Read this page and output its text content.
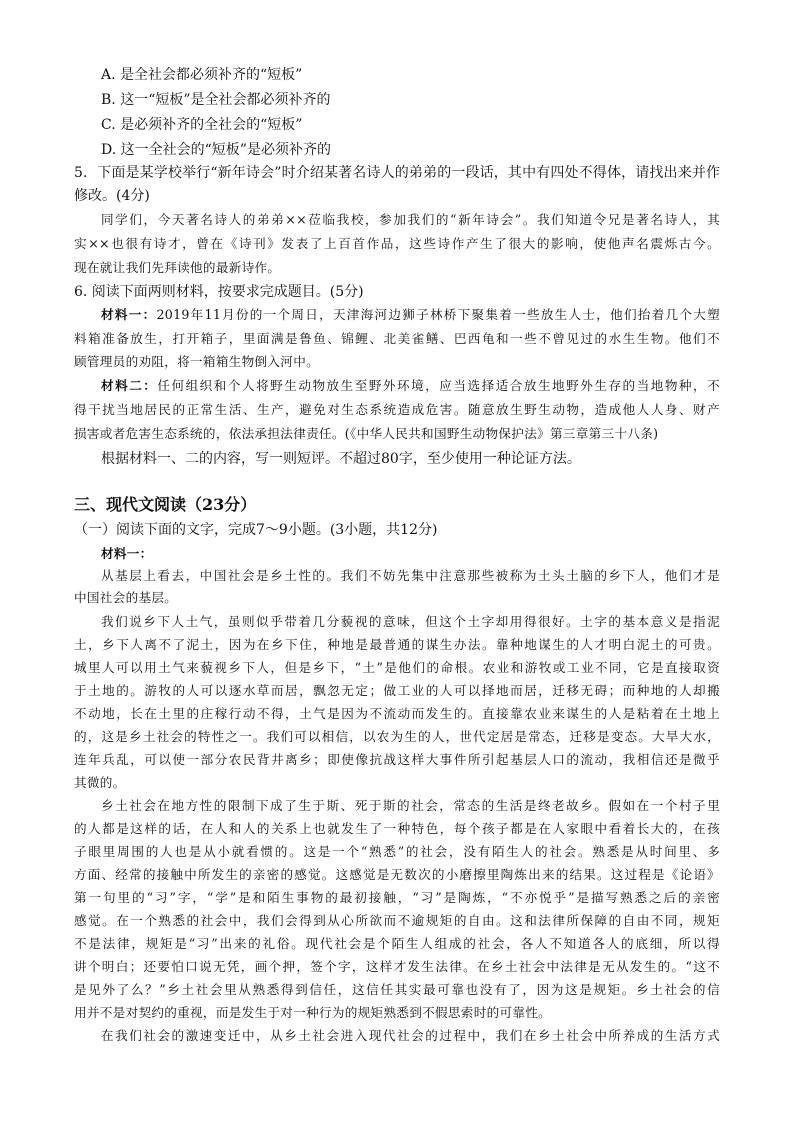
A. 是全社会都必须补齐的“短板”
B. 这一“短板”是全社会都必须补齐的
C. 是必须补齐的全社会的“短板”
D. 这一全社会的“短板”是必须补齐的
5．下面是某学校举行“新年诗会”时介绍某著名诗人的弟弟的一段话，其中有四处不得体，请找出来并作
修改。(4分)
同学们，今天著名诗人的弟弟××莅临我校，参加我们的“新年诗会”。我们知道令兄是著名诗人，其
实××也很有诗才，曾在《诗刊》发表了上百首作品，这些诗作产生了很大的影响，使他声名震烁古今。
现在就让我们先拜读他的最新诗作。
6. 阅读下面两则材料，按要求完成题目。(5分)
材料一：2019年11月份的一个周日，天津海河边狮子林桥下聚集着一些放生人士，他们抬着几个大塑
料箱准备放生，打开箱子，里面满是鲁鱼、锦鲤、北美雀鳝、巴西龟和一些不曾见过的水生生物。他们不
顾管理员的劝阻，将一箱箱生物倒入河中。
材料二：任何组织和个人将野生动物放生至野外环境，应当选择适合放生地野外生存的当地物种，不
得干扰当地居民的正常生活、生产，避免对生态系统造成危害。随意放生野生动物，造成他人人身、财产
损害或者危害生态系统的，依法承担法律责任。(《中华人民共和国野生动物保护法》第三章第三十八条)
根据材料一、二的内容，写一则短评。不超过80字，至少使用一种论证方法。
三、现代文阅读（23分）
（一）阅读下面的文字，完成7～9小题。(3小题，共12分)
材料一：
从基层上看去，中国社会是乡土性的。我们不妨先集中注意那些被称为土头土脑的乡下人，他们才是
中国社会的基层。
我们说乡下人土气，虽则似乎带着几分藐视的意味，但这个土字却用得很好。土字的基本意义是指泥
土，乡下人离不了泥土，因为在乡下住，种地是最普通的谋生办法。靠种地谋生的人才明白泥土的可贵。
城里人可以用土气来藐视乡下人，但是乡下，“土”是他们的命根。农业和游牧或工业不同，它是直接取资
于土地的。游牧的人可以逐水草而居，飘忽无定；做工业的人可以择地而居，迁移无碍；而种地的人却搬
不动地，长在土里的庄稼行动不得，土气是因为不流动而发生的。直接靠农业来谋生的人是粘着在土地上
的，这是乡土社会的特性之一。我们可以相信，以农为生的人，世代定居是常态，迁移是变态。大旱大水，
连年兵乱，可以使一部分农民背井离乡；即使像抗战这样大事件所引起基层人口的流动，我相信还是微乎
其微的。
乡土社会在地方性的限制下成了生于斯、死于斯的社会，常态的生活是终老故乡。假如在一个村子里
的人都是这样的话，在人和人的关系上也就发生了一种特色，每个孩子都是在人家眼中看着长大的，在孩
子眼里周围的人也是从小就看惯的。这是一个“熟悉”的社会，没有陌生人的社会。熟悉是从时间里、多
方面、经常的接触中所发生的亲密的感觉。这感觉是无数次的小磨擦里陶炼出来的结果。这过程是《论语》
第一句里的“习”字，“学”是和陌生事物的最初接触，“习”是陶炼，“不亦悦乎”是描写熟悉之后的亲密
感觉。在一个熟悉的社会中，我们会得到从心所欲而不逾规矩的自由。这和法律所保障的自由不同，规矩
不是法律，规矩是“习”出来的礼俗。现代社会是个陌生人组成的社会，各人不知道各人的底细，所以得
讲个明白；还要怕口说无凭，画个押，签个字，这样才发生法律。在乡土社会中法律是无从发生的。“这不
是见外了么？”乡土社会里从熟悉得到信任，这信任其实最可靠也没有了，因为这是规矩。乡土社会的信
用并不是对契约的重视，而是发生于对一种行为的规矩熟悉到不假思索时的可靠性。
在我们社会的激速变迁中，从乡土社会进入现代社会的过程中，我们在乡土社会中所养成的生活方式
